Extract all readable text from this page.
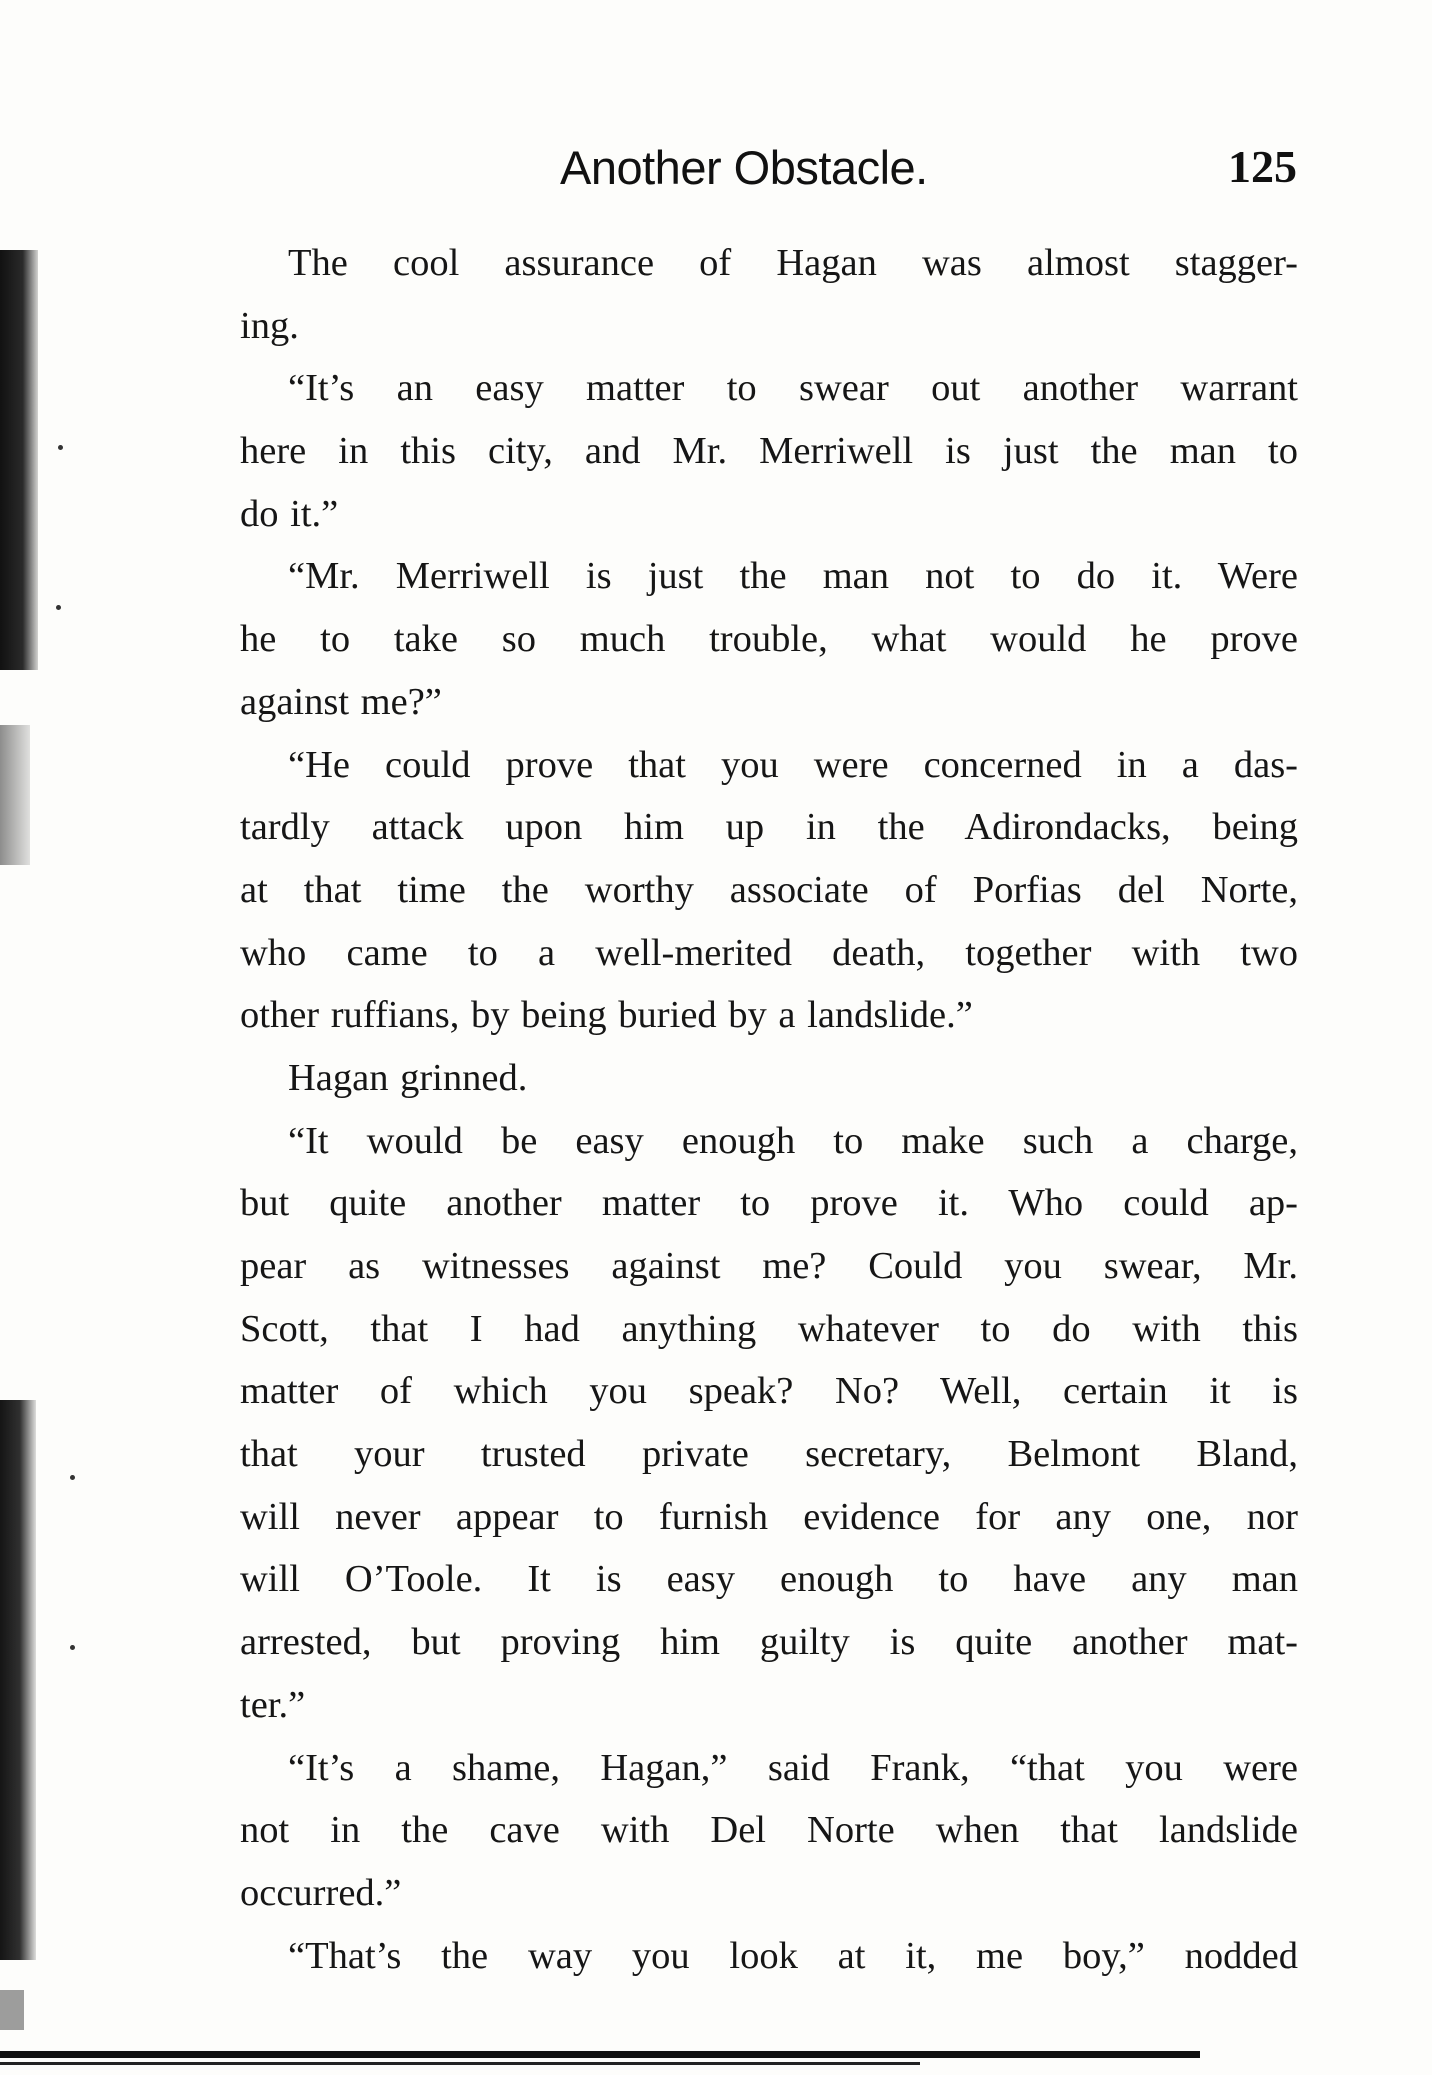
Another Obstacle.	125
The cool assurance of Hagan was almost stagger-
ing.
“It’s an easy matter to swear out another warrant
here in this city, and Mr. Merriwell is just the man to
do it.”
“Mr. Merriwell is just the man not to do it. Were
he to take so much trouble, what would he prove
against me?”
“He could prove that you were concerned in a das-
tardly attack upon him up in the Adirondacks, being
at that time the worthy associate of Porfias del Norte,
who came to a well-merited death, together with two
other ruffians, by being buried by a landslide.”
Hagan grinned.
“It would be easy enough to make such a charge,
but quite another matter to prove it. Who could ap-
pear as witnesses against me? Could you swear, Mr.
Scott, that I had anything whatever to do with this
matter of which you speak? No? Well, certain it is
that your trusted private secretary, Belmont Bland,
will never appear to furnish evidence for any one, nor
will O’Toole. It is easy enough to have any man
arrested, but proving him guilty is quite another mat-
ter.”
“It’s a shame, Hagan,” said Frank, “that you were
not in the cave with Del Norte when that landslide
occurred.”
“That’s the way you look at it, me boy,” nodded
